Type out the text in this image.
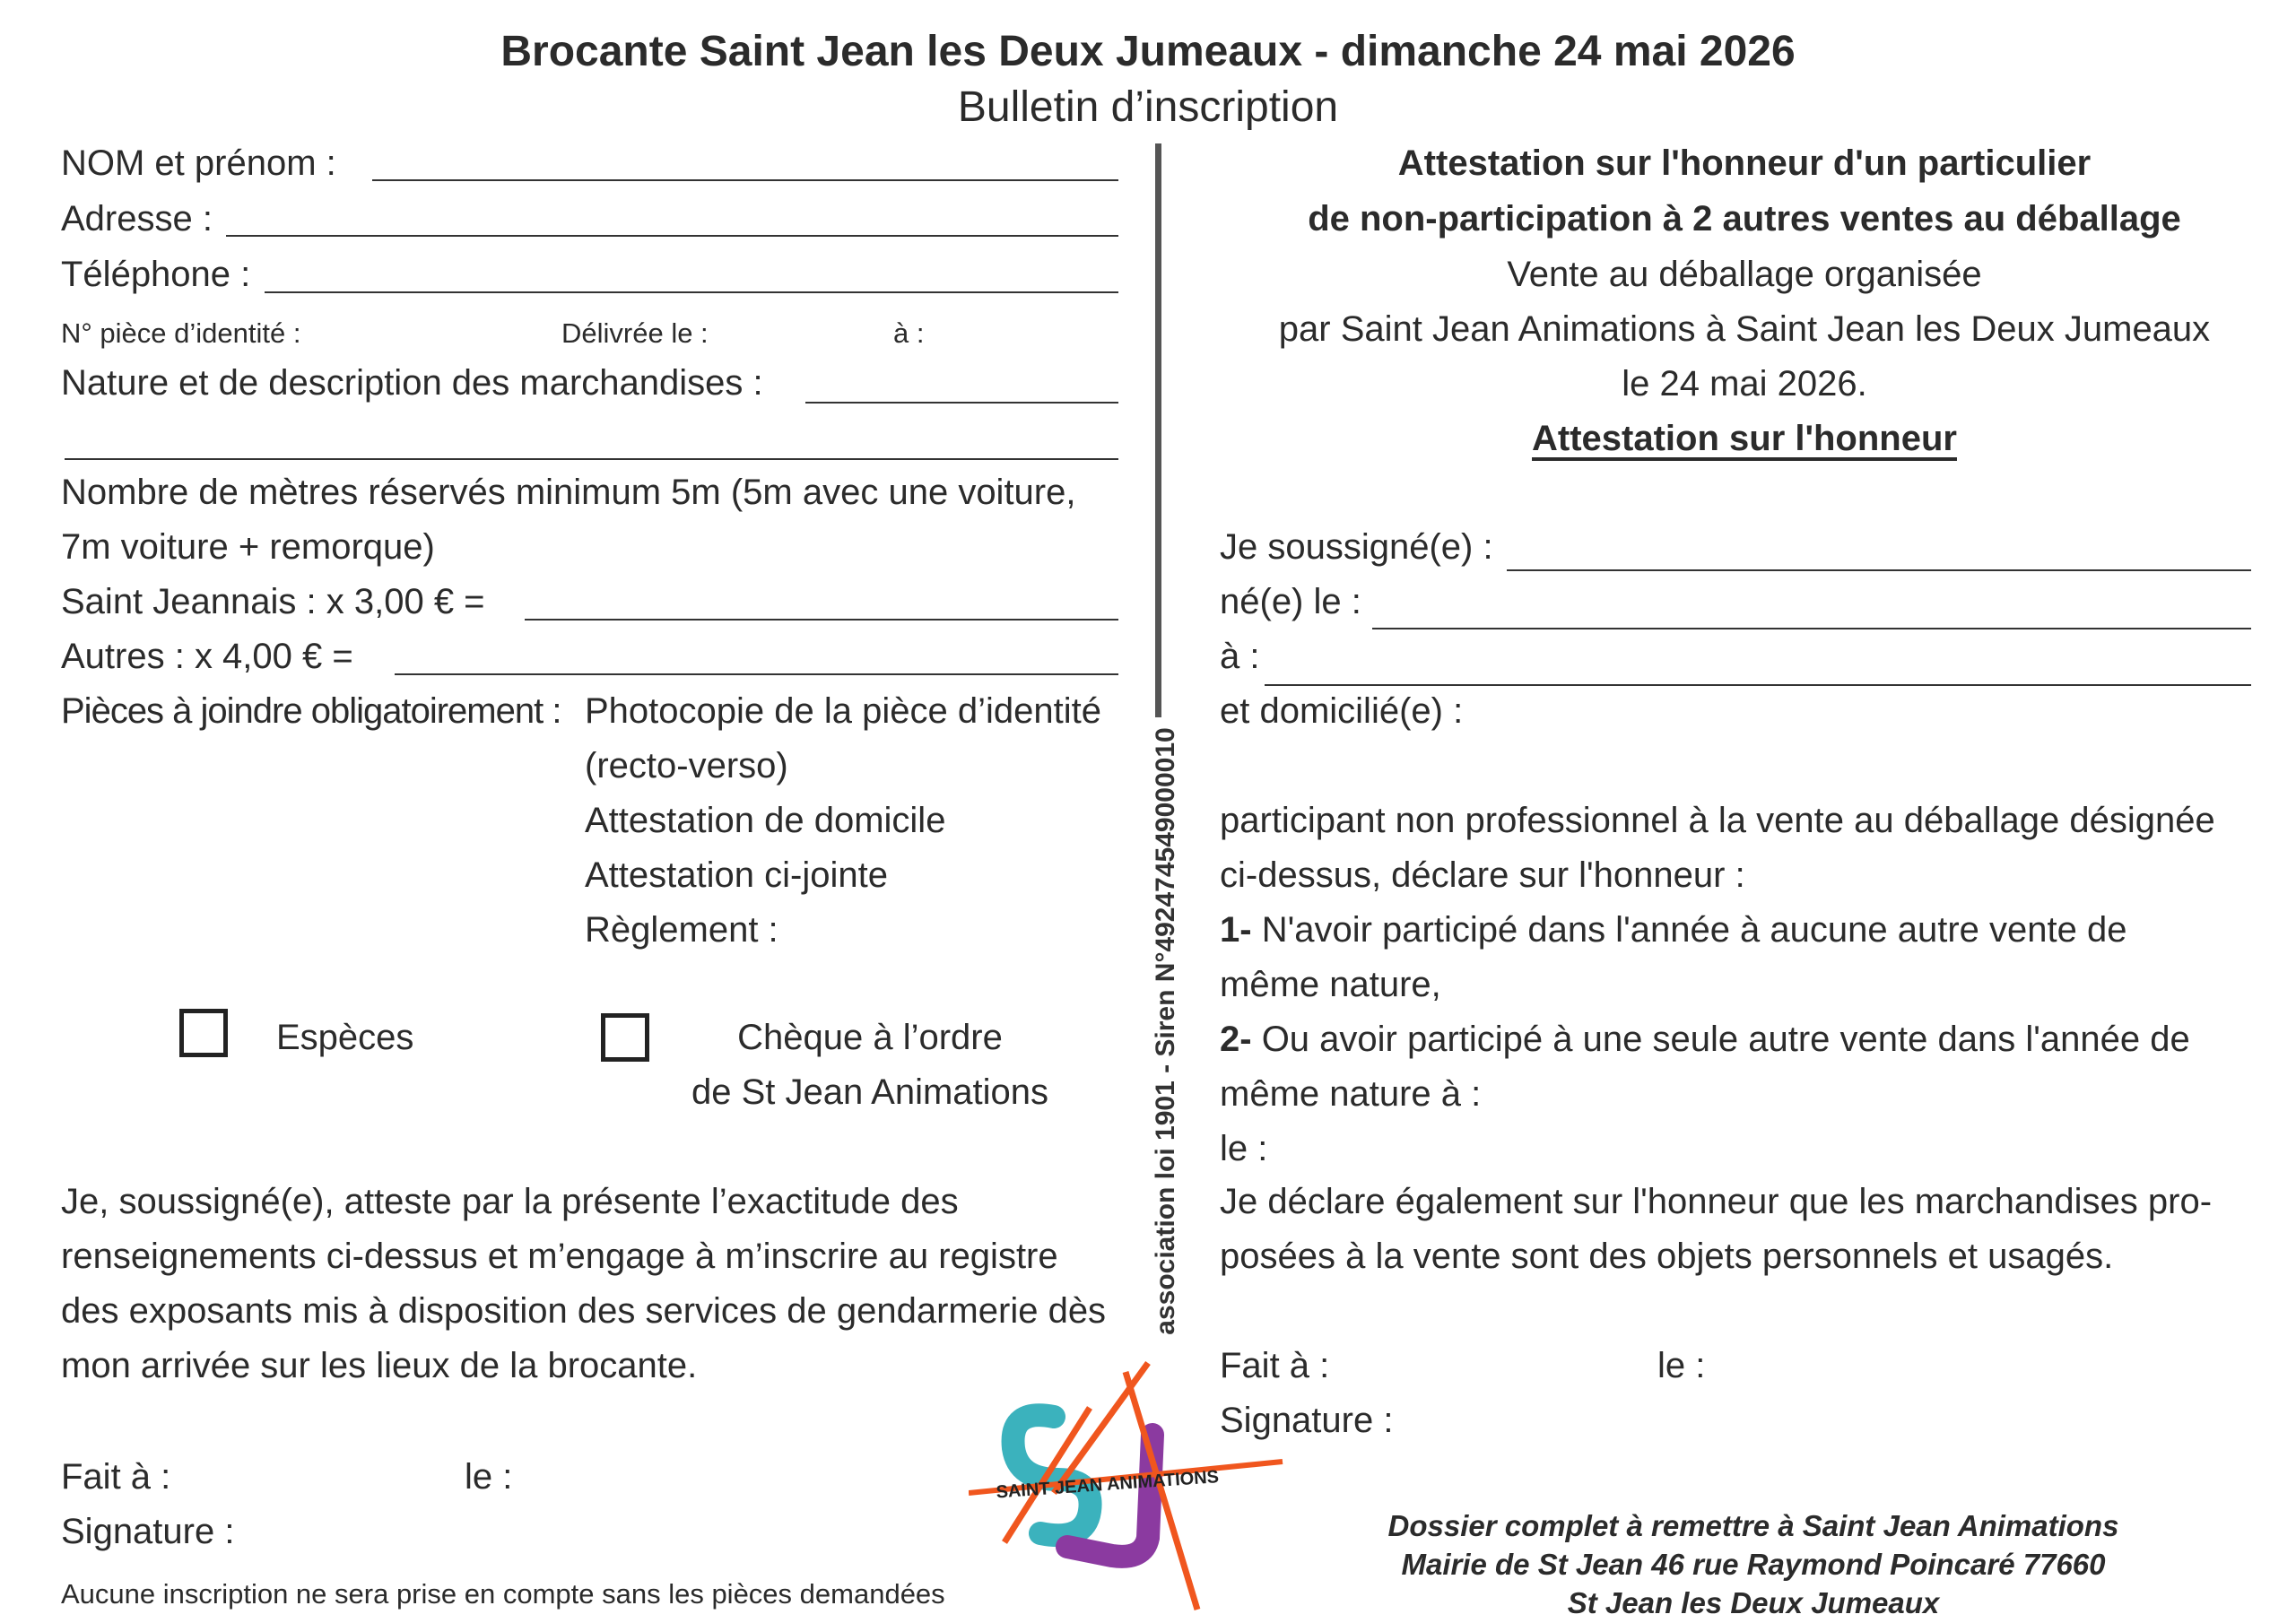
Brocante Saint Jean les Deux Jumeaux - dimanche 24 mai 2026
Bulletin d’inscription
association loi 1901 - Siren N°492474549000010
NOM et prénom :
Adresse :
Téléphone :
N° pièce d’identité :	Délivrée le :	à :
Nature et de description des marchandises :
Nombre de mètres réservés minimum 5m (5m avec une voiture,
7m voiture + remorque)
Saint Jeannais : x 3,00 € =
Autres : x 4,00 € =
Pièces à joindre obligatoirement : Photocopie de la pièce d’identité
(recto-verso)
Attestation de domicile
Attestation ci-jointe
Règlement :
Espèces	Chèque à l’ordre
de St Jean Animations
Je, soussigné(e), atteste par la présente l’exactitude des
renseignements ci-dessus et m’engage à m’inscrire au registre
des exposants mis à disposition des services de gendarmerie dès
mon arrivée sur les lieux de la brocante.
Fait à :	le :
Signature :
Aucune inscription ne sera prise en compte sans les pièces demandées
SAINT JEAN ANIMATIONS
Attestation sur l'honneur d'un particulier
de non-participation à 2 autres ventes au déballage
Vente au déballage organisée
par Saint Jean Animations à Saint Jean les Deux Jumeaux
le 24 mai 2026.
Attestation sur l'honneur
Je soussigné(e) :
né(e) le :
à :
et domicilié(e) :
participant non professionnel à la vente au déballage désignée
ci-dessus, déclare sur l'honneur :
1- N'avoir participé dans l'année à aucune autre vente de
même nature,
2- Ou avoir participé à une seule autre vente dans l'année de
même nature à :
le :
Je déclare également sur l'honneur que les marchandises pro-
posées à la vente sont des objets personnels et usagés.
Fait à :	le :
Signature :
Dossier complet à remettre à Saint Jean Animations
Mairie de St Jean 46 rue Raymond Poincaré 77660
St Jean les Deux Jumeaux
